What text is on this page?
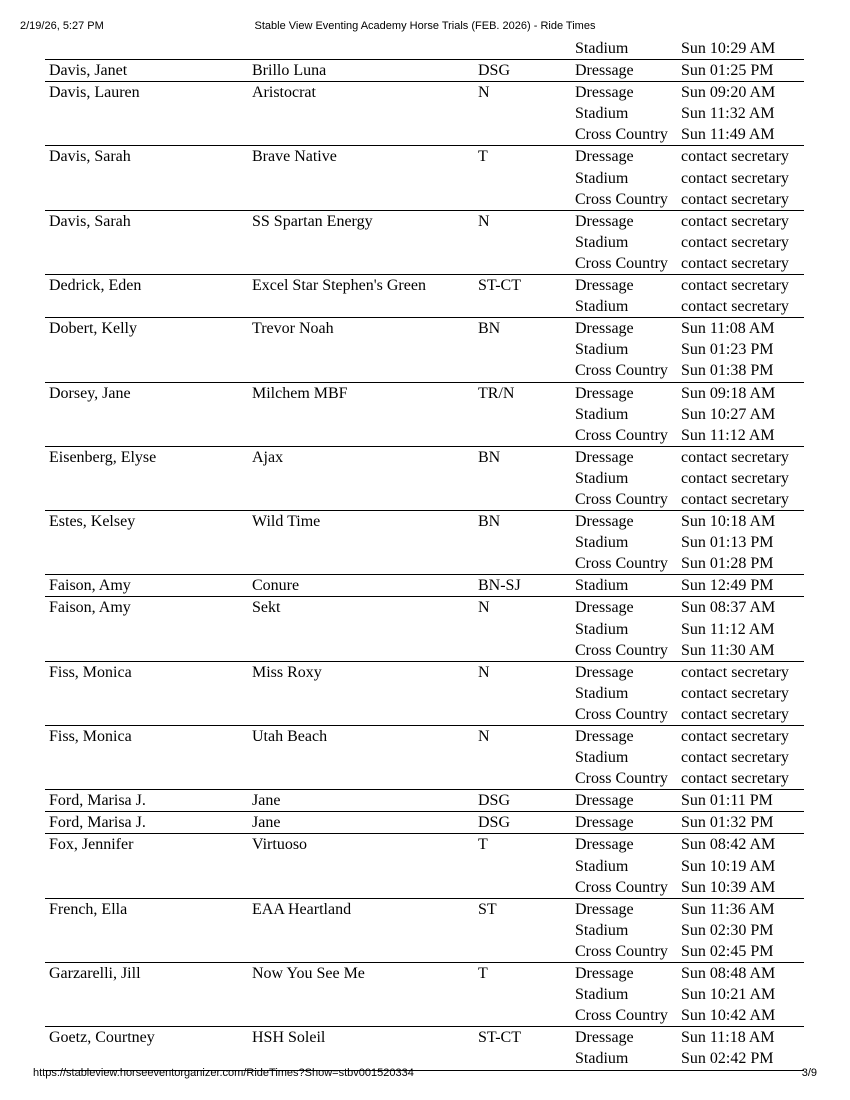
2/19/26, 5:27 PM	Stable View Eventing Academy Horse Trials (FEB. 2026) - Ride Times
Stadium	Sun 10:29 AM
Davis, Janet	Brillo Luna	DSG	Dressage	Sun 01:25 PM
Davis, Lauren	Aristocrat	N	Dressage	Sun 09:20 AM
Stadium	Sun 11:32 AM
Cross Country Sun 11:49 AM
Davis, Sarah	Brave Native	T	Dressage	contact secretary
Stadium	contact secretary
Cross Country contact secretary
Davis, Sarah	SS Spartan Energy	N	Dressage	contact secretary
Stadium	contact secretary
Cross Country contact secretary
Dedrick, Eden	Excel Star Stephen's Green	ST-CT	Dressage	contact secretary
Stadium	contact secretary
Dobert, Kelly	Trevor Noah	BN	Dressage	Sun 11:08 AM
Stadium	Sun 01:23 PM
Cross Country Sun 01:38 PM
Dorsey, Jane	Milchem MBF	TR/N	Dressage	Sun 09:18 AM
Stadium	Sun 10:27 AM
Cross Country Sun 11:12 AM
Eisenberg, Elyse	Ajax	BN	Dressage	contact secretary
Stadium	contact secretary
Cross Country contact secretary
Estes, Kelsey	Wild Time	BN	Dressage	Sun 10:18 AM
Stadium	Sun 01:13 PM
Cross Country Sun 01:28 PM
Faison, Amy	Conure	BN-SJ	Stadium	Sun 12:49 PM
Faison, Amy	Sekt	N	Dressage	Sun 08:37 AM
Stadium	Sun 11:12 AM
Cross Country Sun 11:30 AM
Fiss, Monica	Miss Roxy	N	Dressage	contact secretary
Stadium	contact secretary
Cross Country contact secretary
Fiss, Monica	Utah Beach	N	Dressage	contact secretary
Stadium	contact secretary
Cross Country contact secretary
Ford, Marisa J.	Jane	DSG	Dressage	Sun 01:11 PM
Ford, Marisa J.	Jane	DSG	Dressage	Sun 01:32 PM
Fox, Jennifer	Virtuoso	T	Dressage	Sun 08:42 AM
Stadium	Sun 10:19 AM
Cross Country Sun 10:39 AM
French, Ella	EAA Heartland	ST	Dressage	Sun 11:36 AM
Stadium	Sun 02:30 PM
Cross Country Sun 02:45 PM
Garzarelli, Jill	Now You See Me	T	Dressage	Sun 08:48 AM
Stadium	Sun 10:21 AM
Cross Country Sun 10:42 AM
Goetz, Courtney	HSH Soleil	ST-CT	Dressage	Sun 11:18 AM
Stadium	Sun 02:42 PM
https://stableview.horseeventorganizer.com/RideTimes?Show=stbv001520334	3/9
